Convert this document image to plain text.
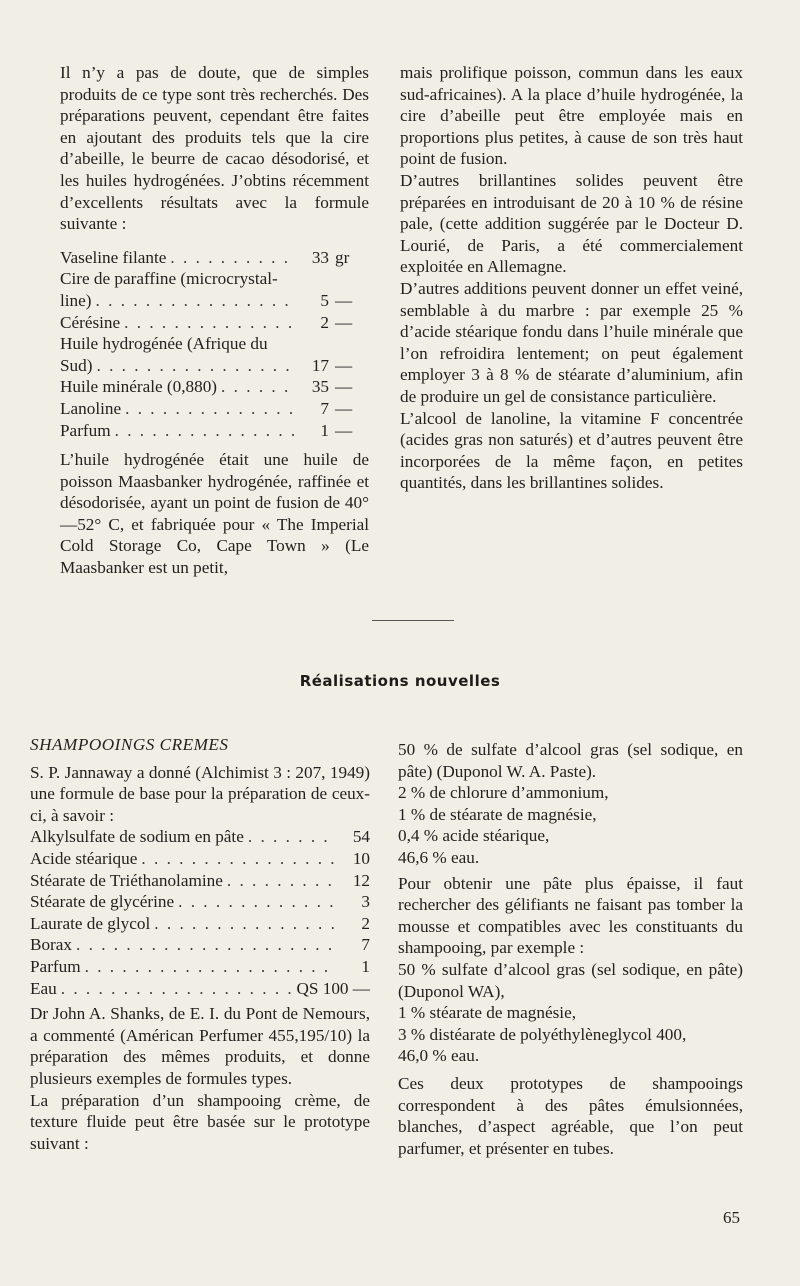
Il n’y a pas de doute, que de simples produits de ce type sont très recherchés. Des préparations peuvent, cependant être faites en ajoutant des produits tels que la cire d’abeille, le beurre de cacao désodorisé, et les huiles hydrogénées. J’obtins récemment d’excellents résultats avec la formule suivante :

Vaseline filante . . .	33 gr
Cire de paraffine (microcrystal-
line) . . .	5 —
Cérésine . . .	2 —
Huile hydrogénée (Afrique du
Sud) . . .	17 —
Huile minérale (0,880) . . .	35 —
Lanoline . . .	7 —
Parfum . . .	1 —

L’huile hydrogénée était une huile de poisson Maasbanker hydrogénée, raffinée et désodorisée, ayant un point de fusion de 40°—52° C, et fabriquée pour « The Imperial Cold Storage Co, Cape Town » (Le Maasbanker est un petit,

mais prolifique poisson, commun dans les eaux sud-africaines). A la place d’huile hydrogénée, la cire d’abeille peut être employée mais en proportions plus petites, à cause de son très haut point de fusion.

D’autres brillantines solides peuvent être préparées en introduisant de 20 à 10 % de résine pale, (cette addition suggérée par le Docteur D. Lourié, de Paris, a été commercialement exploitée en Allemagne.

D’autres additions peuvent donner un effet veiné, semblable à du marbre : par exemple 25 % d’acide stéarique fondu dans l’huile minérale que l’on refroidira lentement; on peut également employer 3 à 8 % de stéarate d’aluminium, afin de produire un gel de consistance particulière.

L’alcool de lanoline, la vitamine F concentrée (acides gras non saturés) et d’autres peuvent être incorporées de la même façon, en petites quantités, dans les brillantines solides.

Réalisations nouvelles

SHAMPOOINGS CREMES

S. P. Jannaway a donné (Alchimist 3 : 207, 1949) une formule de base pour la préparation de ceux-ci, à savoir :

Alkylsulfate de sodium en pâte . . .	54
Acide stéarique . . .	10
Stéarate de Triéthanolamine . . .	12
Stéarate de glycérine . . .	3
Laurate de glycol . . .	2
Borax . . .	7
Parfum . . .	1
Eau . . .	QS 100 —

Dr John A. Shanks, de E. I. du Pont de Nemours, a commenté (Américan Perfumer 455,195/10) la préparation des mêmes produits, et donne plusieurs exemples de formules types.

La préparation d’un shampooing crème, de texture fluide peut être basée sur le prototype suivant :

50 % de sulfate d’alcool gras (sel sodique, en pâte) (Duponol W. A. Paste).

2 % de chlorure d’ammonium,

1 % de stéarate de magnésie,

0,4 % acide stéarique,

46,6 % eau.

Pour obtenir une pâte plus épaisse, il faut rechercher des gélifiants ne faisant pas tomber la mousse et compatibles avec les constituants du shampooing, par exemple :

50 % sulfate d’alcool gras (sel sodique, en pâte) (Duponol WA),

1 % stéarate de magnésie,

3 % distéarate de polyéthylèneglycol 400,

46,0 % eau.

Ces deux prototypes de shampooings correspondent à des pâtes émulsionnées, blanches, d’aspect agréable, que l’on peut parfumer, et présenter en tubes.

65
